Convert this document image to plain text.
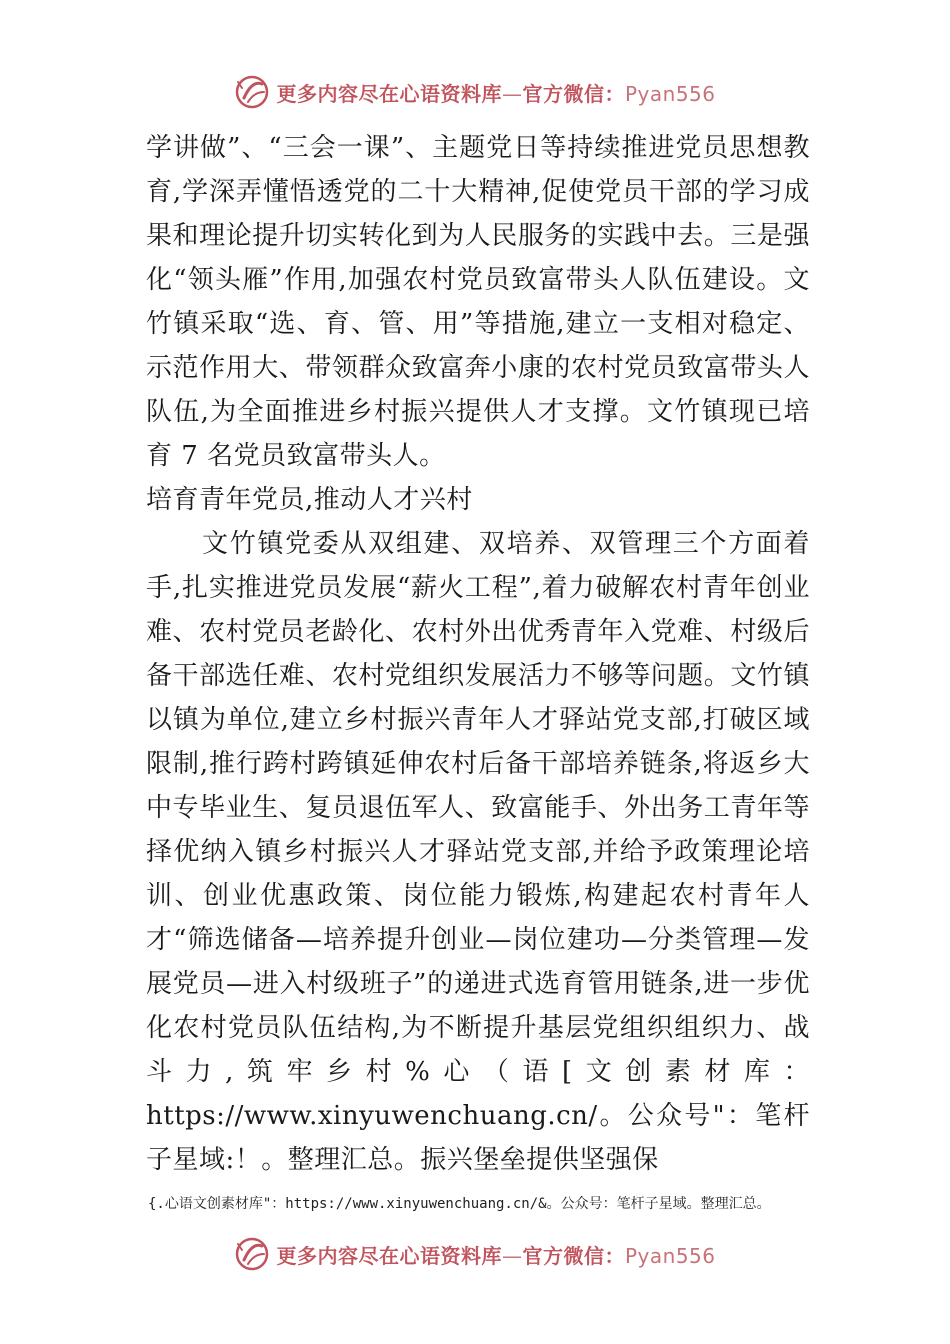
更多内容尽在心语资料库—官方微信：Pyan556

学讲做”、“三会一课”、主题党日等持续推进党员思想教育,学深弄懂悟透党的二十大精神,促使党员干部的学习成果和理论提升切实转化到为人民服务的实践中去。三是强化“领头雁”作用,加强农村党员致富带头人队伍建设。文竹镇采取“选、育、管、用”等措施,建立一支相对稳定、示范作用大、带领群众致富奔小康的农村党员致富带头人队伍,为全面推进乡村振兴提供人才支撑。文竹镇现已培育 7 名党员致富带头人。

培育青年党员,推动人才兴村

文竹镇党委从双组建、双培养、双管理三个方面着手,扎实推进党员发展“薪火工程”,着力破解农村青年创业难、农村党员老龄化、农村外出优秀青年入党难、村级后备干部选任难、农村党组织发展活力不够等问题。文竹镇以镇为单位,建立乡村振兴青年人才驿站党支部,打破区域限制,推行跨村跨镇延伸农村后备干部培养链条,将返乡大中专毕业生、复员退伍军人、致富能手、外出务工青年等择优纳入镇乡村振兴人才驿站党支部,并给予政策理论培训、创业优惠政策、岗位能力锻炼,构建起农村青年人才“筛选储备—培养提升创业—岗位建功—分类管理—发展党员—进入村级班子”的递进式选育管用链条,进一步优化农村党员队伍结构,为不断提升基层党组织组织力、战斗力,筑牢乡村%心（语[文创素材库：https://www.xinyuwenchuang.cn/。公众号"：笔杆子星域:！。整理汇总。振兴堡垒提供坚强保

{.心语文创素材库"：https://www.xinyuwenchuang.cn/&。公众号：笔杆子星域。整理汇总。
更多内容尽在心语资料库—官方微信：Pyan556
